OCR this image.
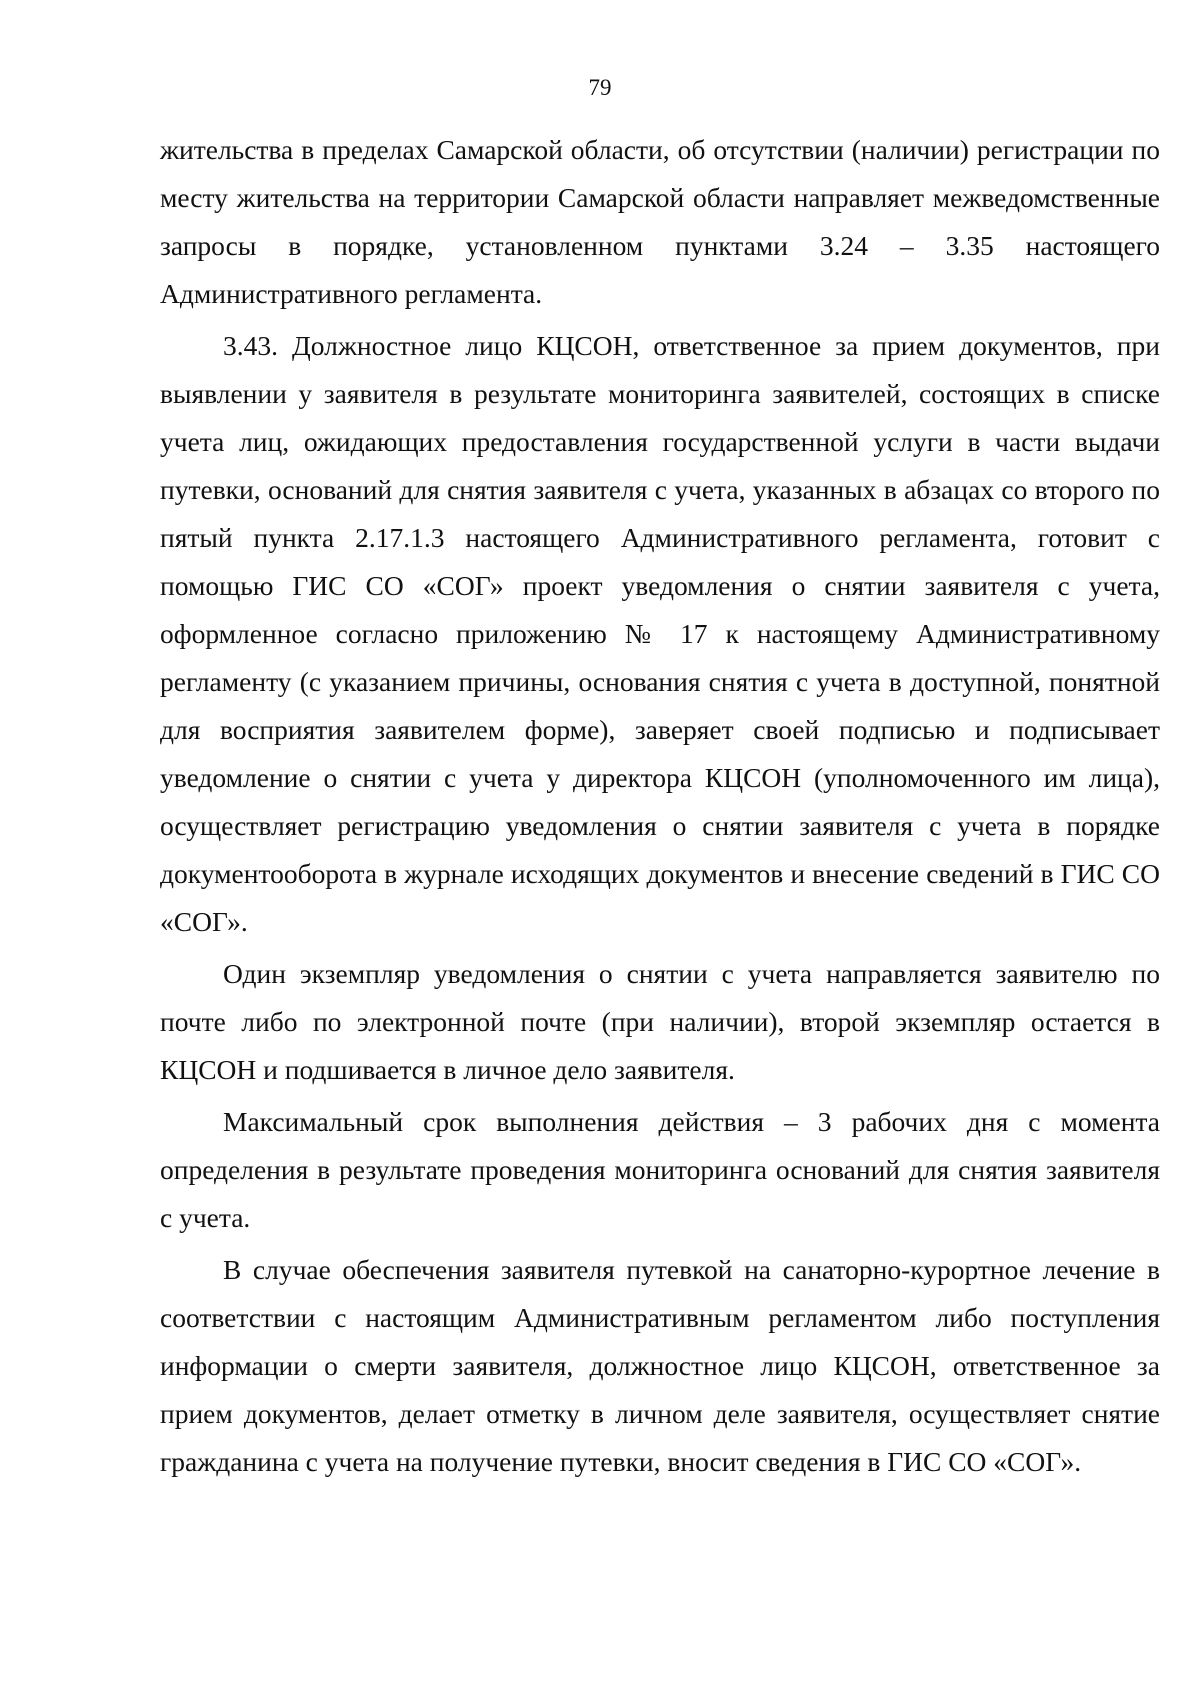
79

жительства в пределах Самарской области, об отсутствии (наличии) регистрации по месту жительства на территории Самарской области направляет межведомственные запросы в порядке, установленном пунктами 3.24 – 3.35 настоящего Административного регламента.

3.43. Должностное лицо КЦСОН, ответственное за прием документов, при выявлении у заявителя в результате мониторинга заявителей, состоящих в списке учета лиц, ожидающих предоставления государственной услуги в части выдачи путевки, оснований для снятия заявителя с учета, указанных в абзацах со второго по пятый пункта 2.17.1.3 настоящего Административного регламента, готовит с помощью ГИС СО «СОГ» проект уведомления о снятии заявителя с учета, оформленное согласно приложению № 17 к настоящему Административному регламенту (с указанием причины, основания снятия с учета в доступной, понятной для восприятия заявителем форме), заверяет своей подписью и подписывает уведомление о снятии с учета у директора КЦСОН (уполномоченного им лица), осуществляет регистрацию уведомления о снятии заявителя с учета в порядке документооборота в журнале исходящих документов и внесение сведений в ГИС СО «СОГ».

Один экземпляр уведомления о снятии с учета направляется заявителю по почте либо по электронной почте (при наличии), второй экземпляр остается в КЦСОН и подшивается в личное дело заявителя.

Максимальный срок выполнения действия – 3 рабочих дня с момента определения в результате проведения мониторинга оснований для снятия заявителя с учета.

В случае обеспечения заявителя путевкой на санаторно-курортное лечение в соответствии с настоящим Административным регламентом либо поступления информации о смерти заявителя, должностное лицо КЦСОН, ответственное за прием документов, делает отметку в личном деле заявителя, осуществляет снятие гражданина с учета на получение путевки, вносит сведения в ГИС СО «СОГ».
